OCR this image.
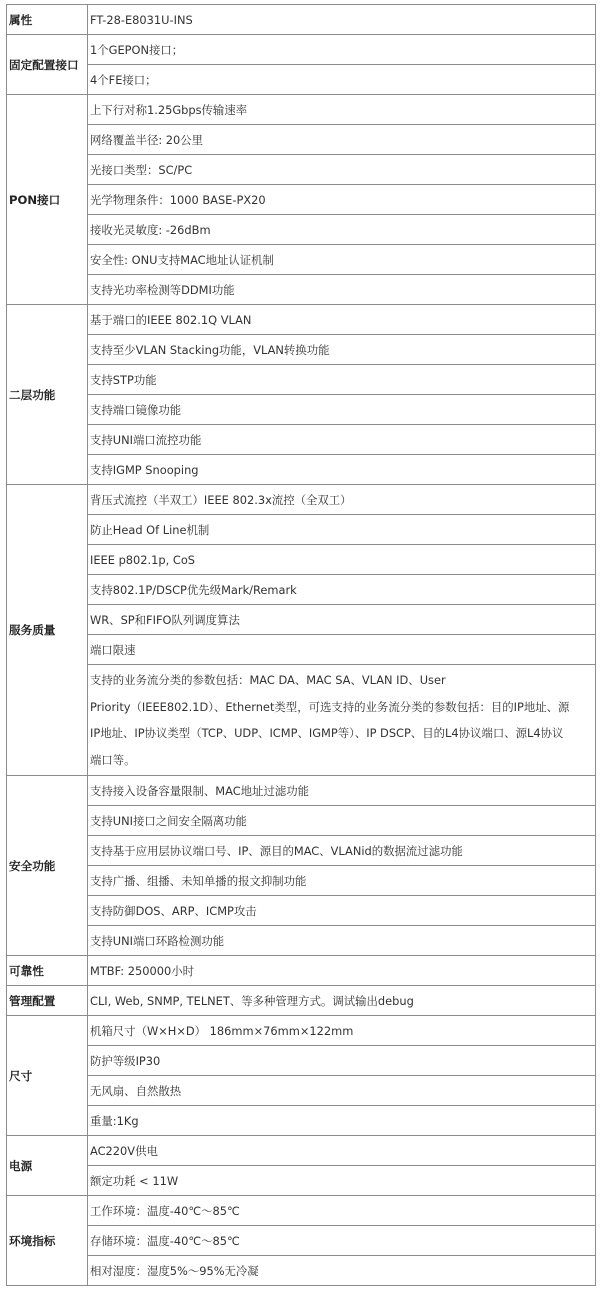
属性	FT-28-E8031U-INS
固定配置接口	1个GEPON接口；
	4个FE接口；
PON接口	上下行对称1.25Gbps传输速率
	网络覆盖半径: 20公里
	光接口类型：SC/PC
	光学物理条件：1000 BASE-PX20
	接收光灵敏度: -26dBm
	安全性: ONU支持MAC地址认证机制
	支持光功率检测等DDMI功能
二层功能	基于端口的IEEE 802.1Q VLAN
	支持至少VLAN Stacking功能，VLAN转换功能
	支持STP功能
	支持端口镜像功能
	支持UNI端口流控功能
	支持IGMP Snooping
服务质量	背压式流控（半双工）IEEE 802.3x流控（全双工）
	防止Head Of Line机制
	IEEE p802.1p, CoS
	支持802.1P/DSCP优先级Mark/Remark
	WR、SP和FIFO队列调度算法
	端口限速

	支持的业务流分类的参数包括：MAC DA、MAC SA、VLAN ID、User
Priority（IEEE802.1D）、Ethernet类型，可选支持的业务流分类的参数包括：目的IP地址、源
IP地址、IP协议类型（TCP、UDP、ICMP、IGMP等）、IP DSCP、目的L4协议端口、源L4协议
端口等。

安全功能	支持接入设备容量限制、MAC地址过滤功能
	支持UNI接口之间安全隔离功能
	支持基于应用层协议端口号、IP、源目的MAC、VLANid的数据流过滤功能
	支持广播、组播、未知单播的报文抑制功能
	支持防御DOS、ARP、ICMP攻击
	支持UNI端口环路检测功能
可靠性	MTBF: 250000小时
管理配置	CLI, Web, SNMP, TELNET、等多种管理方式。调试输出debug
尺寸	机箱尺寸（W×H×D） 186mm×76mm×122mm
	防护等级IP30
	无风扇、自然散热
	重量:1Kg
电源	AC220V供电
	额定功耗 < 11W
环境指标	工作环境：温度-40℃～85℃
	存储环境：温度-40℃～85℃
	相对湿度：湿度5%～95%无冷凝
